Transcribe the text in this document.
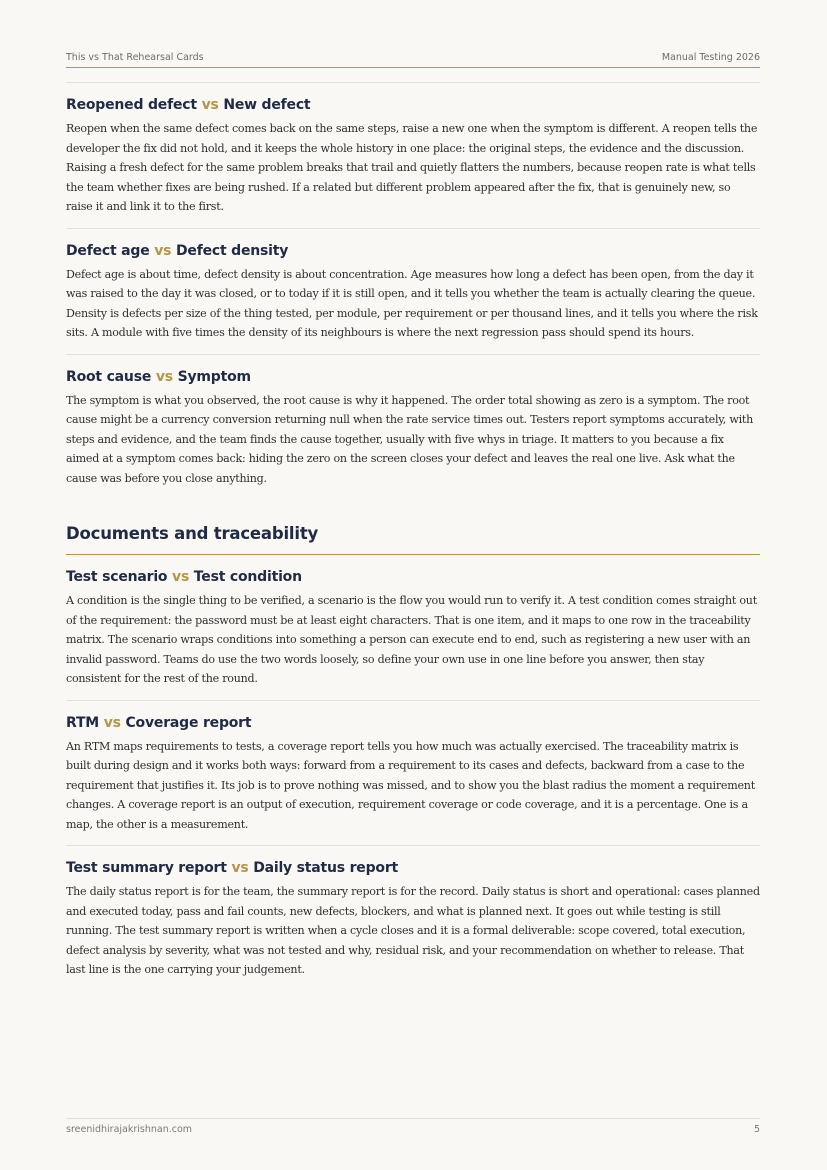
This vs That Rehearsal Cards	Manual Testing 2026
Reopened defect vs New defect

Reopen when the same defect comes back on the same steps, raise a new one when the symptom is different. A reopen tells the developer the fix did not hold, and it keeps the whole history in one place: the original steps, the evidence and the discussion. Raising a fresh defect for the same problem breaks that trail and quietly flatters the numbers, because reopen rate is what tells the team whether fixes are being rushed. If a related but different problem appeared after the fix, that is genuinely new, so raise it and link it to the first.

Defect age vs Defect density

Defect age is about time, defect density is about concentration. Age measures how long a defect has been open, from the day it was raised to the day it was closed, or to today if it is still open, and it tells you whether the team is actually clearing the queue. Density is defects per size of the thing tested, per module, per requirement or per thousand lines, and it tells you where the risk sits. A module with five times the density of its neighbours is where the next regression pass should spend its hours.

Root cause vs Symptom

The symptom is what you observed, the root cause is why it happened. The order total showing as zero is a symptom. The root cause might be a currency conversion returning null when the rate service times out. Testers report symptoms accurately, with steps and evidence, and the team finds the cause together, usually with five whys in triage. It matters to you because a fix aimed at a symptom comes back: hiding the zero on the screen closes your defect and leaves the real one live. Ask what the cause was before you close anything.

Documents and traceability
Test scenario vs Test condition

A condition is the single thing to be verified, a scenario is the flow you would run to verify it. A test condition comes straight out of the requirement: the password must be at least eight characters. That is one item, and it maps to one row in the traceability matrix. The scenario wraps conditions into something a person can execute end to end, such as registering a new user with an invalid password. Teams do use the two words loosely, so define your own use in one line before you answer, then stay consistent for the rest of the round.

RTM vs Coverage report

An RTM maps requirements to tests, a coverage report tells you how much was actually exercised. The traceability matrix is built during design and it works both ways: forward from a requirement to its cases and defects, backward from a case to the requirement that justifies it. Its job is to prove nothing was missed, and to show you the blast radius the moment a requirement changes. A coverage report is an output of execution, requirement coverage or code coverage, and it is a percentage. One is a map, the other is a measurement.

Test summary report vs Daily status report

The daily status report is for the team, the summary report is for the record. Daily status is short and operational: cases planned and executed today, pass and fail counts, new defects, blockers, and what is planned next. It goes out while testing is still running. The test summary report is written when a cycle closes and it is a formal deliverable: scope covered, total execution, defect analysis by severity, what was not tested and why, residual risk, and your recommendation on whether to release. That last line is the one carrying your judgement.

sreenidhirajakrishnan.com	5
